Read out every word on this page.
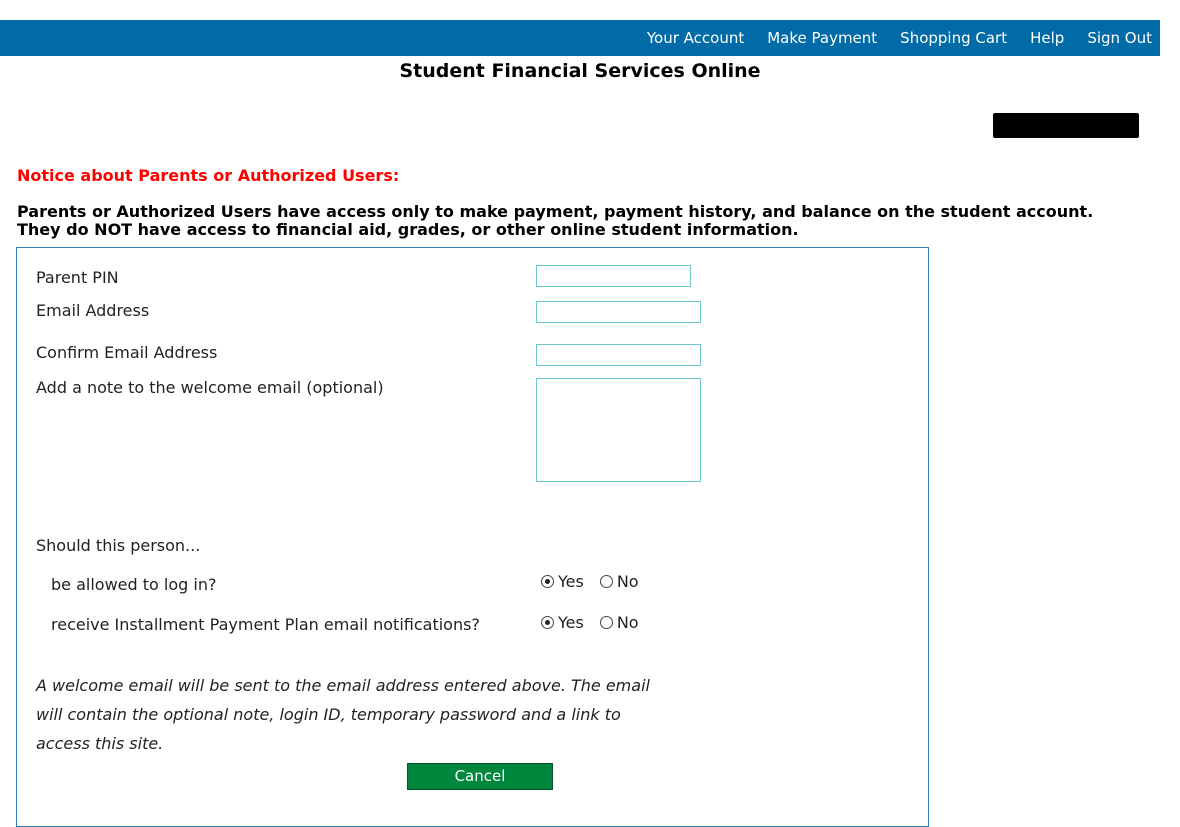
Your Account Make Payment Shopping Cart Help Sign Out
Student Financial Services Online
Notice about Parents or Authorized Users:
Parents or Authorized Users have access only to make payment, payment history, and balance on the student account.
They do NOT have access to financial aid, grades, or other online student information.
Parent PIN
Email Address
Confirm Email Address
Add a note to the welcome email (optional)
Should this person...
be allowed to log in?	Yes No
receive Installment Payment Plan email notifications?	Yes No
A welcome email will be sent to the email address entered above. The email will contain the optional note, login ID, temporary password and a link to access this site.
Cancel
